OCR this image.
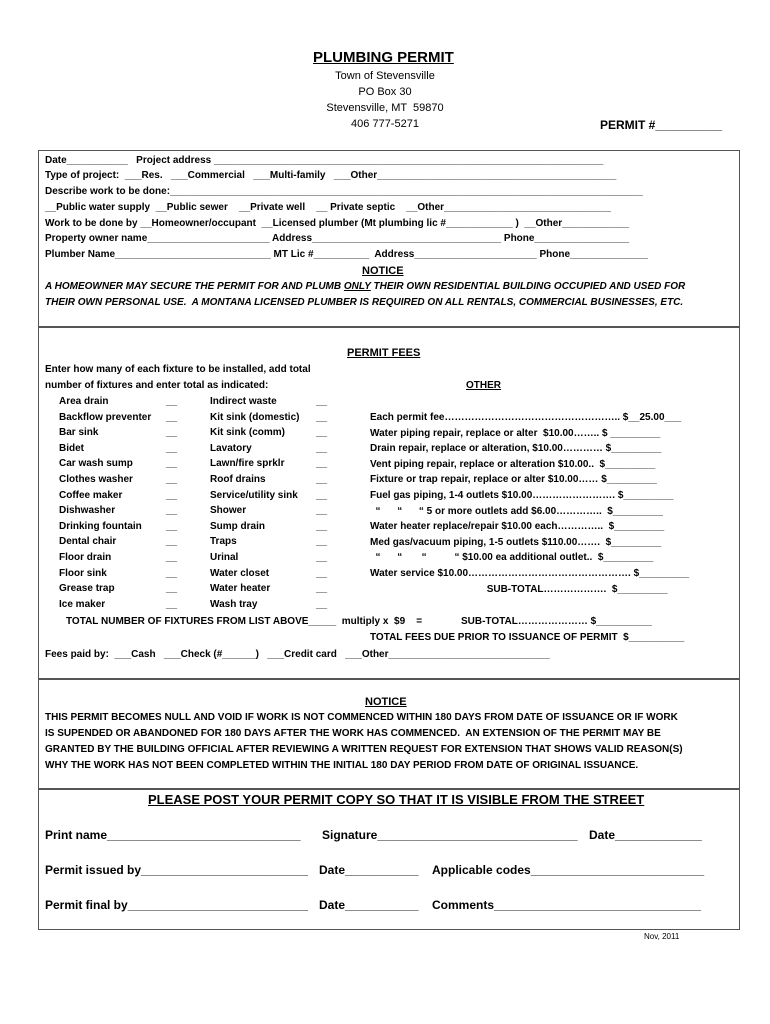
PLUMBING PERMIT
Town of Stevensville
PO Box 30
Stevensville, MT  59870
406 777-5271	PERMIT #__________
Date___________   Project address ______________________________________________________________________
Type of project:  ___Res.   ___Commercial   ___Multi-family   ___Other___________________________________________
Describe work to be done:_____________________________________________________________________________________
__Public water supply  __Public sewer    __Private well    __ Private septic    __Other______________________________
Work to be done by __Homeowner/occupant  __Licensed plumber (Mt plumbing lic #____________ )  __Other____________
Property owner name______________________ Address__________________________________ Phone_________________
Plumber Name____________________________ MT Lic #__________  Address______________________ Phone______________
NOTICE
A HOMEOWNER MAY SECURE THE PERMIT FOR AND PLUMB ONLY THEIR OWN RESIDENTIAL BUILDING OCCUPIED AND USED FOR
THEIR OWN PERSONAL USE.  A MONTANA LICENSED PLUMBER IS REQUIRED ON ALL RENTALS, COMMERCIAL BUSINESSES, ETC.
PERMIT FEES
Enter how many of each fixture to be installed, add total
number of fixtures and enter total as indicated:	OTHER
Area drain	__	Indirect waste	__
Backflow preventer __	Kit sink (domestic) __
Bar sink	__	Kit sink (comm)	__
Bidet	__	Lavatory	__
Car wash sump	__	Lawn/fire sprklr	__
Clothes washer	__	Roof drains	__
Coffee maker	__	Service/utility sink __
Dishwasher	__	Shower	__
Drinking fountain __	Sump drain	__
Dental chair	__	Traps	__
Floor drain	__	Urinal	__
Floor sink	__	Water closet	__
Grease trap	__	Water heater	__
Ice maker	__	Wash tray	__
Each permit fee…………………………………………….. $__25.00___
Water piping repair, replace or alter  $10.00…….. $ _________
Drain repair, replace or alteration, $10.00………… $_________
Vent piping repair, replace or alteration $10.00..  $_________
Fixture or trap repair, replace or alter $10.00…… $_________
Fuel gas piping, 1-4 outlets $10.00……………………. $_________
“      “      “ 5 or more outlets add $6.00…………..  $_________
Water heater replace/repair $10.00 each…………..  $_________
Med gas/vacuum piping, 1-5 outlets $110.00…….  $_________
“      “       “          “ $10.00 ea additional outlet..  $_________
Water service $10.00…………………………………………. $_________
SUB-TOTAL……………….  $_________
TOTAL NUMBER OF FIXTURES FROM LIST ABOVE_____  multiply x  $9    =              SUB-TOTAL………………… $__________
TOTAL FEES DUE PRIOR TO ISSUANCE OF PERMIT  $__________
Fees paid by:  ___Cash   ___Check (#______)   ___Credit card   ___Other_____________________________
NOTICE
THIS PERMIT BECOMES NULL AND VOID IF WORK IS NOT COMMENCED WITHIN 180 DAYS FROM DATE OF ISSUANCE OR IF WORK
IS SUPENDED OR ABANDONED FOR 180 DAYS AFTER THE WORK HAS COMMENCED.  AN EXTENSION OF THE PERMIT MAY BE
GRANTED BY THE BUILDING OFFICIAL AFTER REVIEWING A WRITTEN REQUEST FOR EXTENSION THAT SHOWS VALID REASON(S)
WHY THE WORK HAS NOT BEEN COMPLETED WITHIN THE INITIAL 180 DAY PERIOD FROM DATE OF ORIGINAL ISSUANCE.
PLEASE POST YOUR PERMIT COPY SO THAT IT IS VISIBLE FROM THE STREET
Print name_____________________________ Signature______________________________ Date_____________
Permit issued by_________________________ Date___________ Applicable codes__________________________
Permit final by___________________________ Date___________ Comments_______________________________
Nov, 2011
